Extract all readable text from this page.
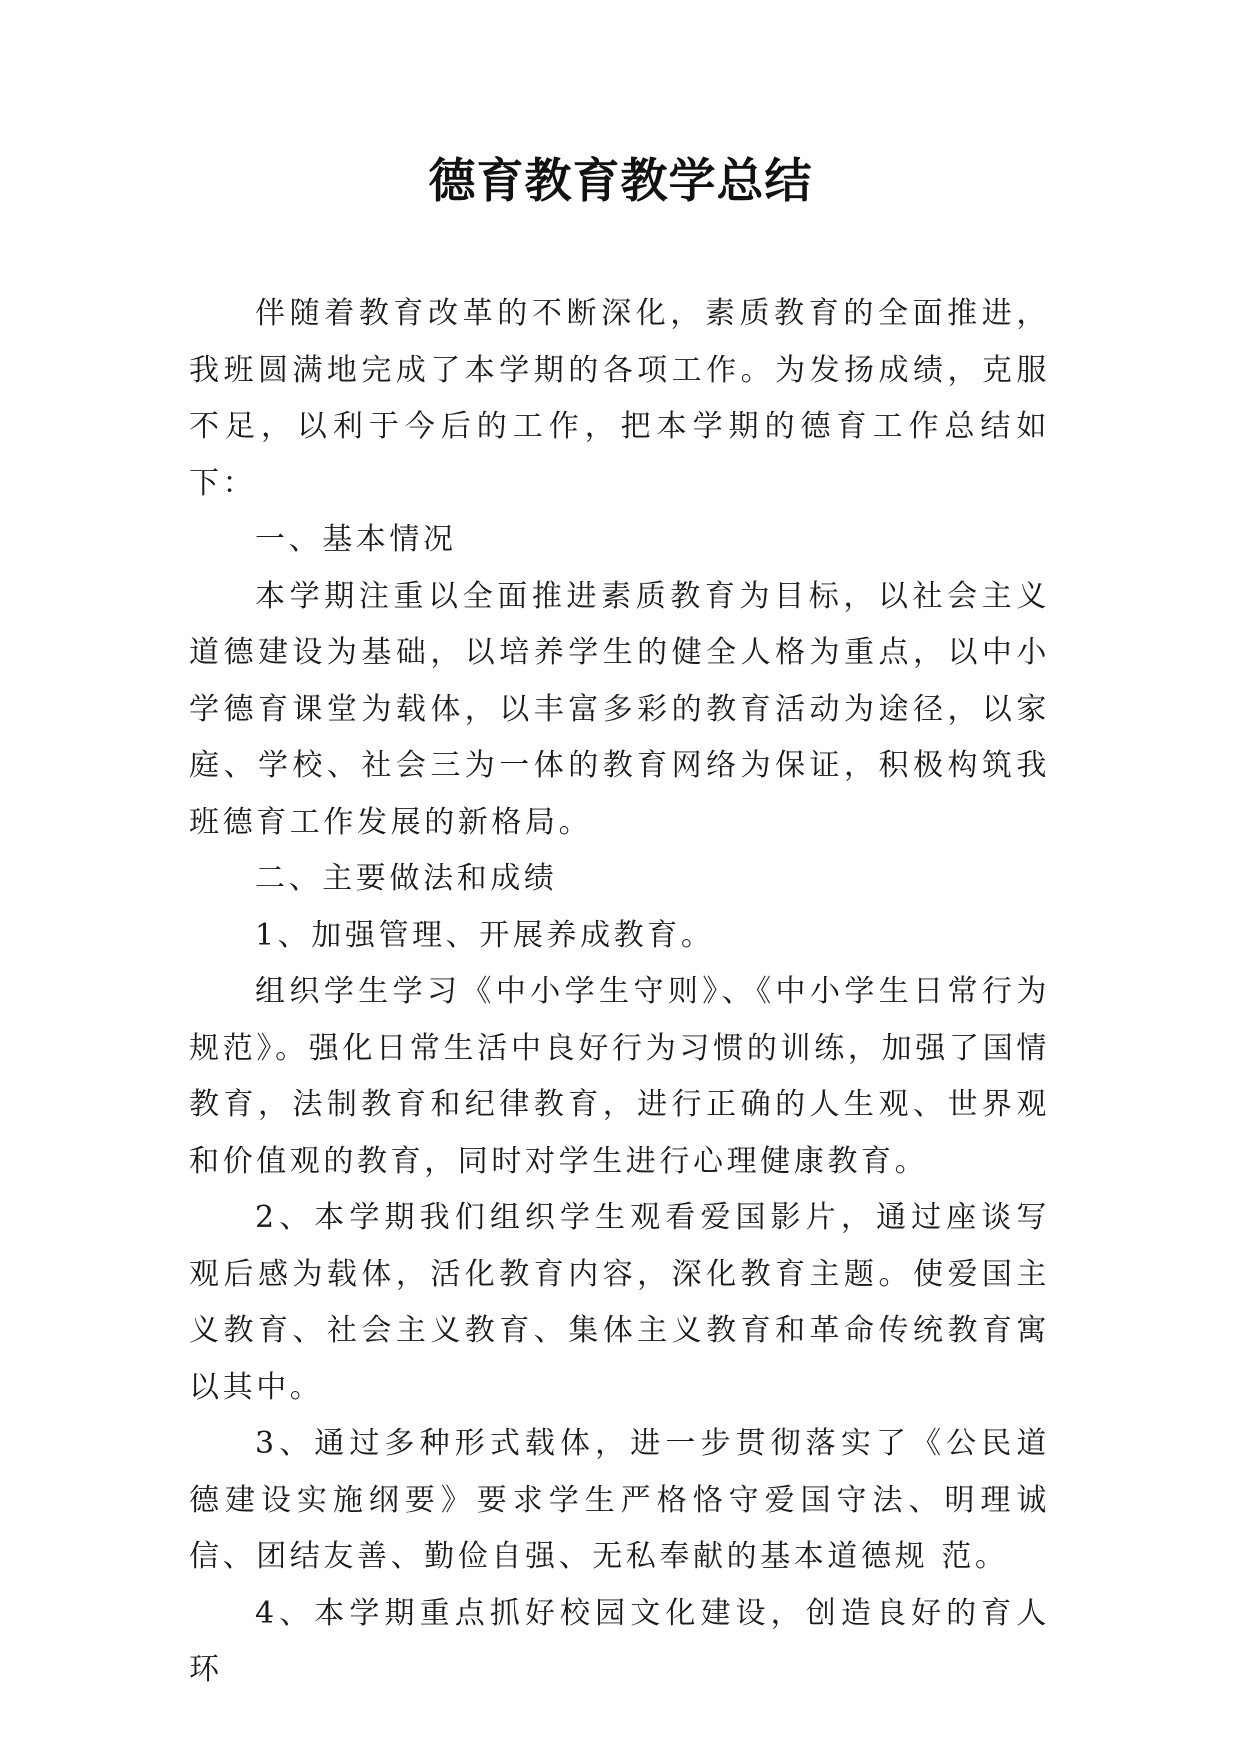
德育教育教学总结

伴随着教育改革的不断深化，素质教育的全面推进，我班圆满地完成了本学期的各项工作。为发扬成绩，克服不足，以利于今后的工作，把本学期的德育工作总结如下：

一、基本情况

本学期注重以全面推进素质教育为目标，以社会主义道德建设为基础，以培养学生的健全人格为重点，以中小学德育课堂为载体，以丰富多彩的教育活动为途径，以家庭、学校、社会三为一体的教育网络为保证，积极构筑我班德育工作发展的新格局。

二、主要做法和成绩

1、加强管理、开展养成教育。

组织学生学习《中小学生守则》、《中小学生日常行为规范》。强化日常生活中良好行为习惯的训练，加强了国情教育，法制教育和纪律教育，进行正确的人生观、世界观和价值观的教育，同时对学生进行心理健康教育。

2、本学期我们组织学生观看爱国影片，通过座谈写观后感为载体，活化教育内容，深化教育主题。使爱国主义教育、社会主义教育、集体主义教育和革命传统教育寓以其中。

3、通过多种形式载体，进一步贯彻落实了《公民道德建设实施纲要》要求学生严格恪守爱国守法、明理诚信、团结友善、勤俭自强、无私奉献的基本道德规 范。

4、本学期重点抓好校园文化建设，创造良好的育人环
